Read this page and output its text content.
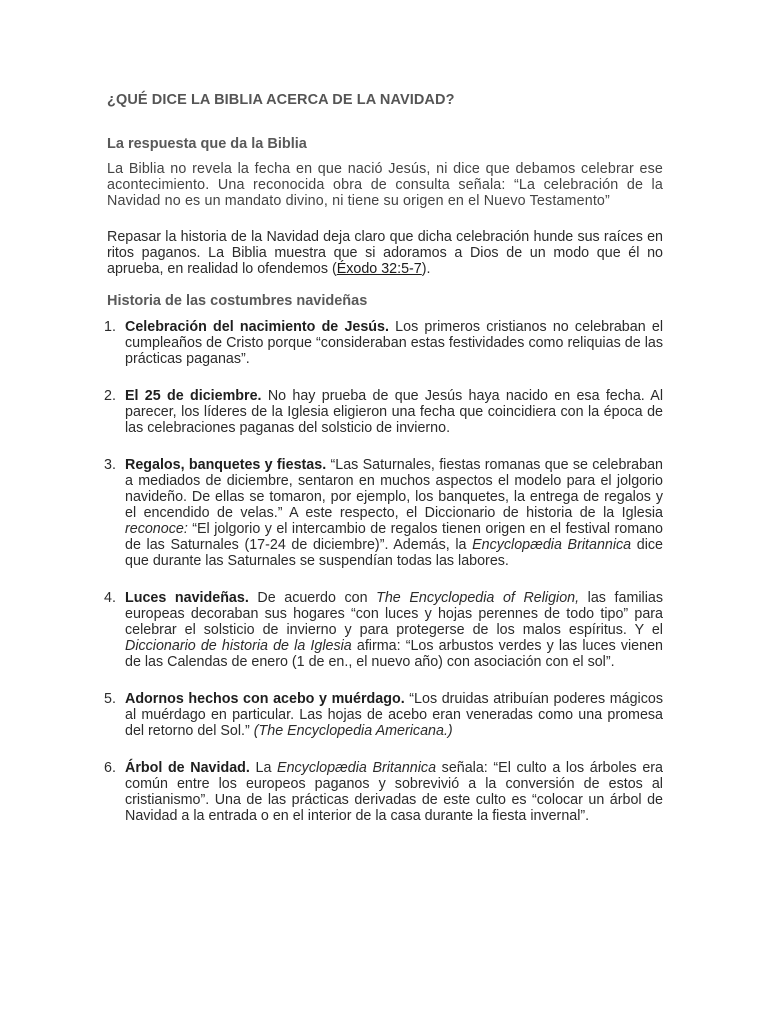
¿QUÉ DICE LA BIBLIA ACERCA DE LA NAVIDAD?
La respuesta que da la Biblia

La Biblia no revela la fecha en que nació Jesús, ni dice que debamos celebrar ese acontecimiento. Una reconocida obra de consulta señala: “La celebración de la Navidad no es un mandato divino, ni tiene su origen en el Nuevo Testamento”

Repasar la historia de la Navidad deja claro que dicha celebración hunde sus raíces en ritos paganos. La Biblia muestra que si adoramos a Dios de un modo que él no aprueba, en realidad lo ofendemos (Éxodo 32:5-7).

Historia de las costumbres navideñas
1. Celebración del nacimiento de Jesús. Los primeros cristianos no celebraban el cumpleaños de Cristo porque “consideraban estas festividades como reliquias de las prácticas paganas”.
2. El 25 de diciembre. No hay prueba de que Jesús haya nacido en esa fecha. Al parecer, los líderes de la Iglesia eligieron una fecha que coincidiera con la época de las celebraciones paganas del solsticio de invierno.
3. Regalos, banquetes y fiestas. “Las Saturnales, fiestas romanas que se celebraban a mediados de diciembre, sentaron en muchos aspectos el modelo para el jolgorio navideño. De ellas se tomaron, por ejemplo, los banquetes, la entrega de regalos y el encendido de velas.” A este respecto, el Diccionario de historia de la Iglesia reconoce: “El jolgorio y el intercambio de regalos tienen origen en el festival romano de las Saturnales (17-24 de diciembre)”. Además, la Encyclopædia Britannica dice que durante las Saturnales se suspendían todas las labores.
4. Luces navideñas. De acuerdo con The Encyclopedia of Religion, las familias europeas decoraban sus hogares “con luces y hojas perennes de todo tipo” para celebrar el solsticio de invierno y para protegerse de los malos espíritus. Y el Diccionario de historia de la Iglesia afirma: “Los arbustos verdes y las luces vienen de las Calendas de enero (1 de en., el nuevo año) con asociación con el sol”.
5. Adornos hechos con acebo y muérdago. “Los druidas atribuían poderes mágicos al muérdago en particular. Las hojas de acebo eran veneradas como una promesa del retorno del Sol.” (The Encyclopedia Americana.)
6. Árbol de Navidad. La Encyclopædia Britannica señala: “El culto a los árboles era común entre los europeos paganos y sobrevivió a la conversión de estos al cristianismo”. Una de las prácticas derivadas de este culto es “colocar un árbol de Navidad a la entrada o en el interior de la casa durante la fiesta invernal”.
